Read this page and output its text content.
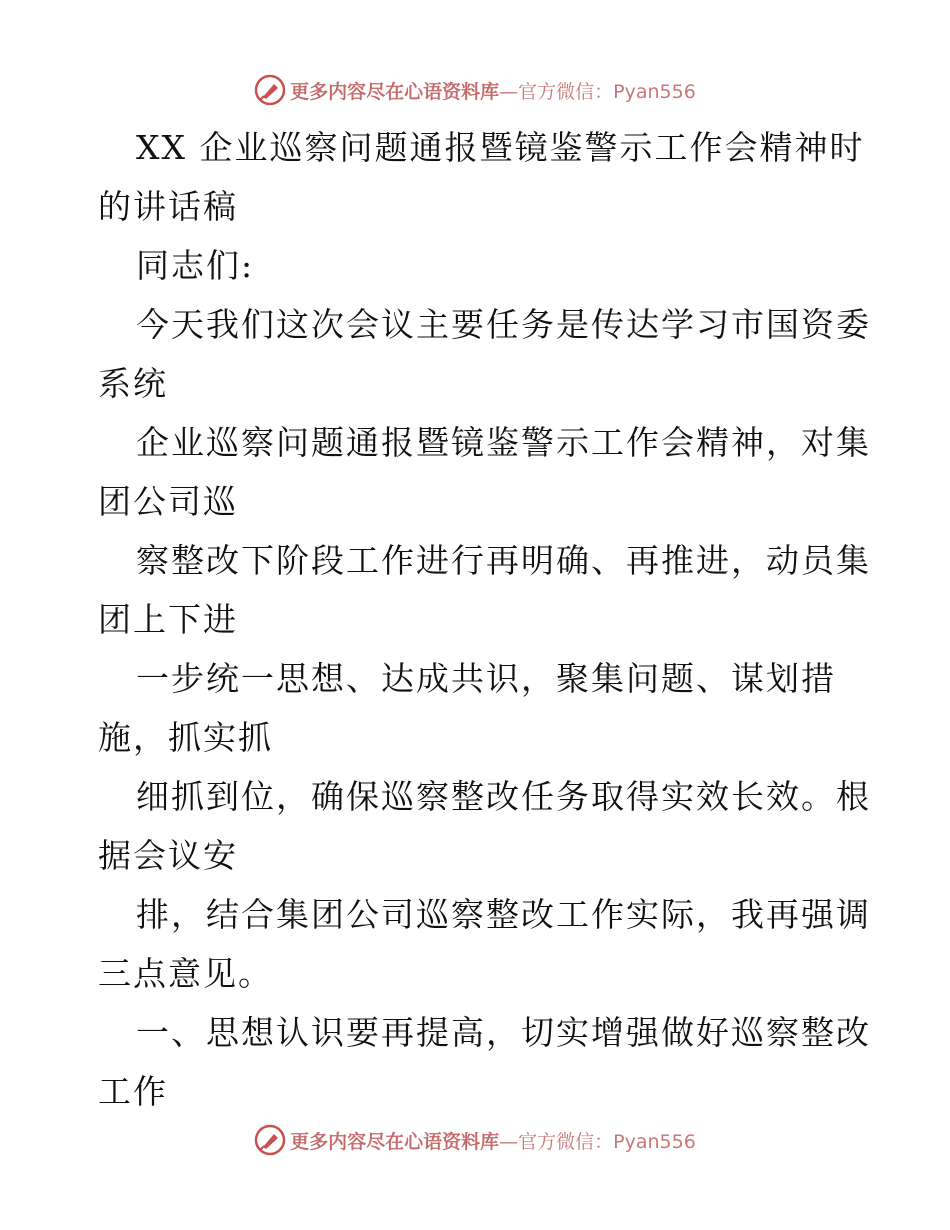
更多内容尽在心语资料库—官方微信：Pyan556
XX 企业巡察问题通报暨镜鉴警示工作会精神时
的讲话稿
同志们:
今天我们这次会议主要任务是传达学习市国资委
系统
企业巡察问题通报暨镜鉴警示工作会精神，对集
团公司巡
察整改下阶段工作进行再明确、再推进，动员集
团上下进
一步统一思想、达成共识，聚集问题、谋划措
施，抓实抓
细抓到位，确保巡察整改任务取得实效长效。根
据会议安
排，结合集团公司巡察整改工作实际，我再强调
三点意见。
一、思想认识要再提高，切实增强做好巡察整改
工作
更多内容尽在心语资料库—官方微信：Pyan556
